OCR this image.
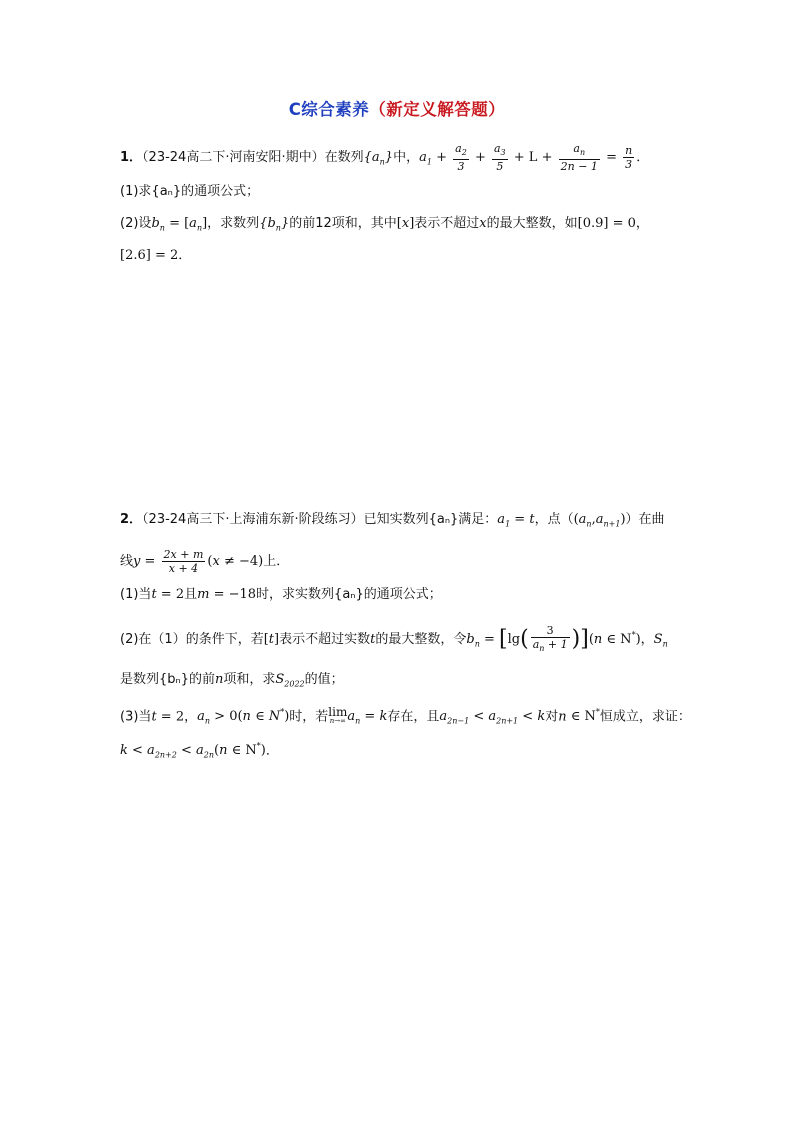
C综合素养（新定义解答题）
1．（23-24高二下·河南安阳·期中）在数列$\{a_n\}$中，$a_1 + \frac{a_2}{3} + \frac{a_3}{5} + L + \frac{a_n}{2n - 1} = \frac{n}{3}$ ．
(1)求{aₙ}的通项公式；
(2)设$b_n = [a_n]$，求数列$\{b_n\}$的前12项和，其中[x]表示不超过x的最大整数，如[0.9] = 0，
[2.6] = 2．
2．（23-24高三下·上海浦东新·阶段练习）已知实数列{aₙ}满足：$a_1 = t$，点$((a_n,a_{n+1}))$在曲
线$y = \frac{2x + m}{x + 4} (x \ne -4)$上．
(1)当t = 2且m = −18时，求实数列{aₙ}的通项公式；
(2)在（1）的条件下，若[t]表示不超过实数t的最大整数，令$b_n = [\lg( \frac{3}{a_n + 1} )](n$ ∈ N*)，$S_n$
是数列{bₙ}的前n项和，求$S_{2022}$的值；
(3)当t = 2，$a_n > 0(n$ ∈ N*)时，若 lim
n→∞ $a_n = k$存在，且$a_{2n-1} < a_{2n+1} < k$对n ∈ N*恒成立，求证：
$k < a_{2n+2} < a_{2n}(n$ ∈ N*)．
